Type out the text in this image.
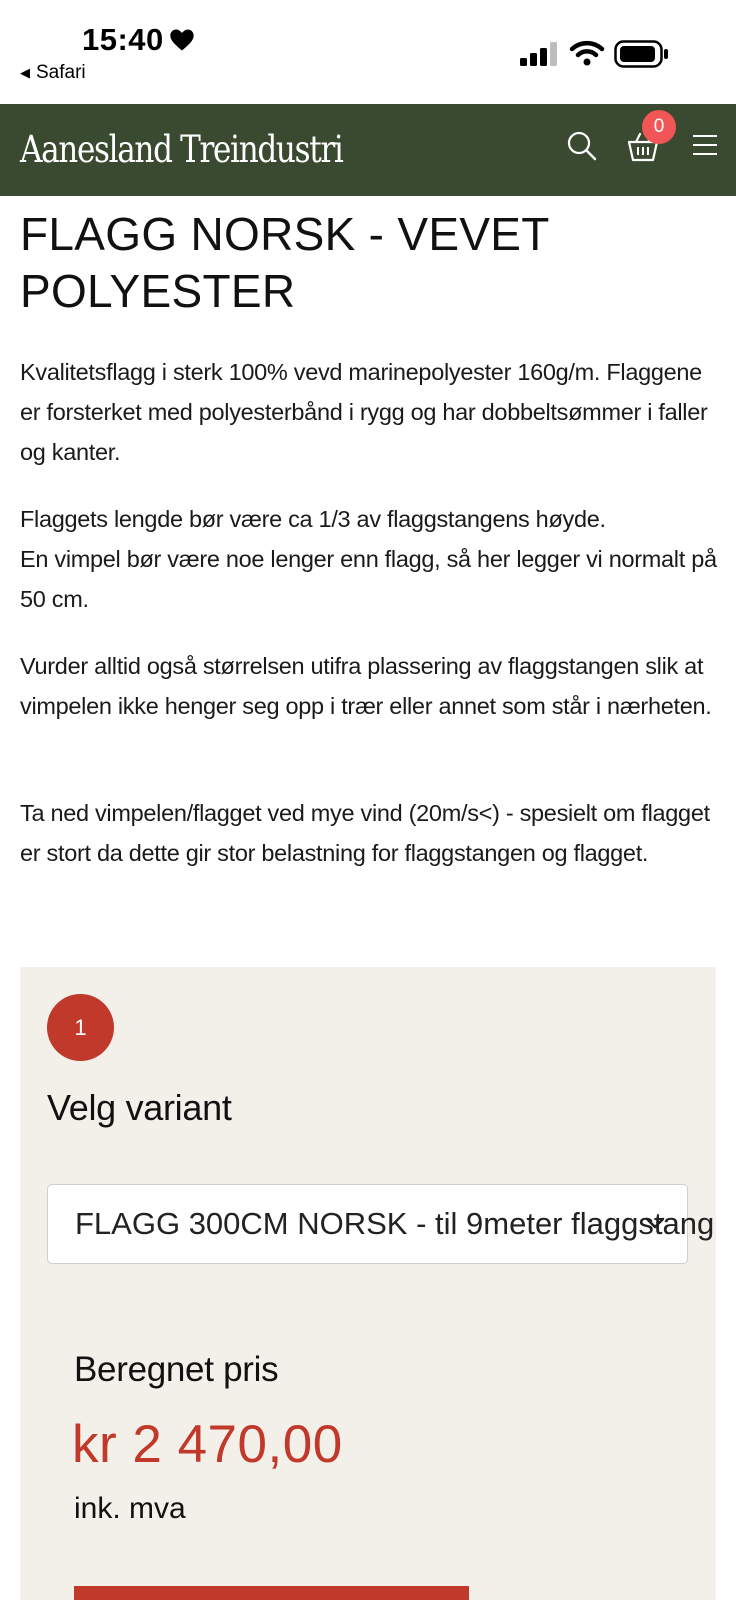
15:40
◀ Safari
Aanesland Treindustri
0
FLAGG NORSK - VEVET POLYESTER

Kvalitetsflagg i sterk 100% vevd marinepolyester 160g/m. Flaggene er forsterket med polyesterbånd i rygg og har dobbeltsømmer i faller og kanter.

Flaggets lengde bør være ca 1/3 av flaggstangens høyde.
En vimpel bør være noe lenger enn flagg, så her legger vi normalt på 50 cm.

Vurder alltid også størrelsen utifra plassering av flaggstangen slik at vimpelen ikke henger seg opp i trær eller annet som står i nærheten.

Ta ned vimpelen/flagget ved mye vind (20m/s<) - spesielt om flagget er stort da dette gir stor belastning for flaggstangen og flagget.

1
Velg variant
FLAGG 300CM NORSK - til 9meter flaggstang
Beregnet pris
kr 2 470,00
ink. mva
